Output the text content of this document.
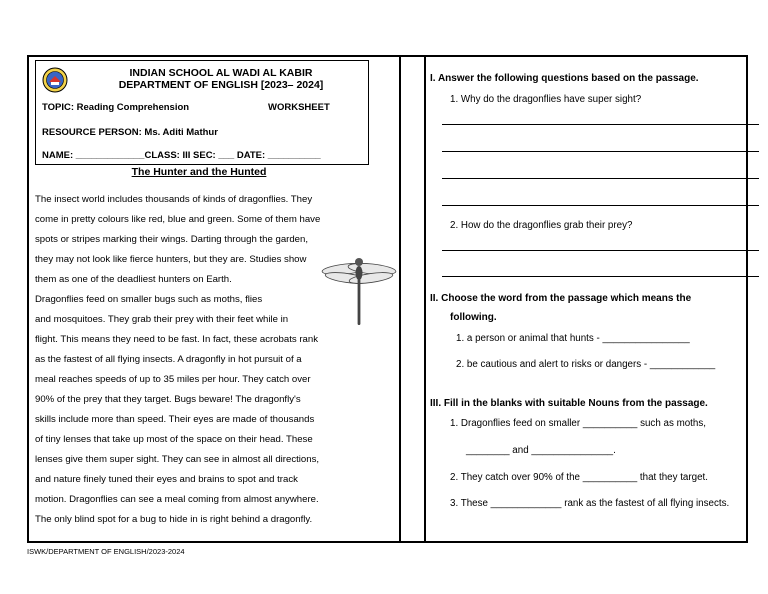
INDIAN SCHOOL AL WADI AL KABIR
DEPARTMENT OF ENGLISH [2023– 2024]
TOPIC: Reading Comprehension	WORKSHEET
RESOURCE PERSON: Ms. Aditi Mathur
NAME: _____________CLASS: III SEC: ___ DATE: __________
The Hunter and the Hunted
The insect world includes thousands of kinds of dragonflies. They
come in pretty colours like red, blue and green. Some of them have
spots or stripes marking their wings. Darting through the garden,
they may not look like fierce hunters, but they are. Studies show
them as one of the deadliest hunters on Earth.
Dragonflies feed on smaller bugs such as moths, flies
and mosquitoes. They grab their prey with their feet while in
flight. This means they need to be fast. In fact, these acrobats rank
as the fastest of all flying insects. A dragonfly in hot pursuit of a
meal reaches speeds of up to 35 miles per hour. They catch over
90% of the prey that they target. Bugs beware! The dragonfly's
skills include more than speed. Their eyes are made of thousands
of tiny lenses that take up most of the space on their head. These
lenses give them super sight. They can see in almost all directions,
and nature finely tuned their eyes and brains to spot and track
motion. Dragonflies can see a meal coming from almost anywhere.
The only blind spot for a bug to hide in is right behind a dragonfly.
I. Answer the following questions based on the passage.
1. Why do the dragonflies have super sight?
2. How do the dragonflies grab their prey?
II. Choose the word from the passage which means the
following.
1. a person or animal that hunts - ________________
2. be cautious and alert to risks or dangers - ____________
III. Fill in the blanks with suitable Nouns from the passage.
1. Dragonflies feed on smaller __________ such as moths,
________ and _______________.
2. They catch over 90% of the __________ that they target.
3. These _____________ rank as the fastest of all flying insects.
ISWK/DEPARTMENT OF ENGLISH/2023-2024
